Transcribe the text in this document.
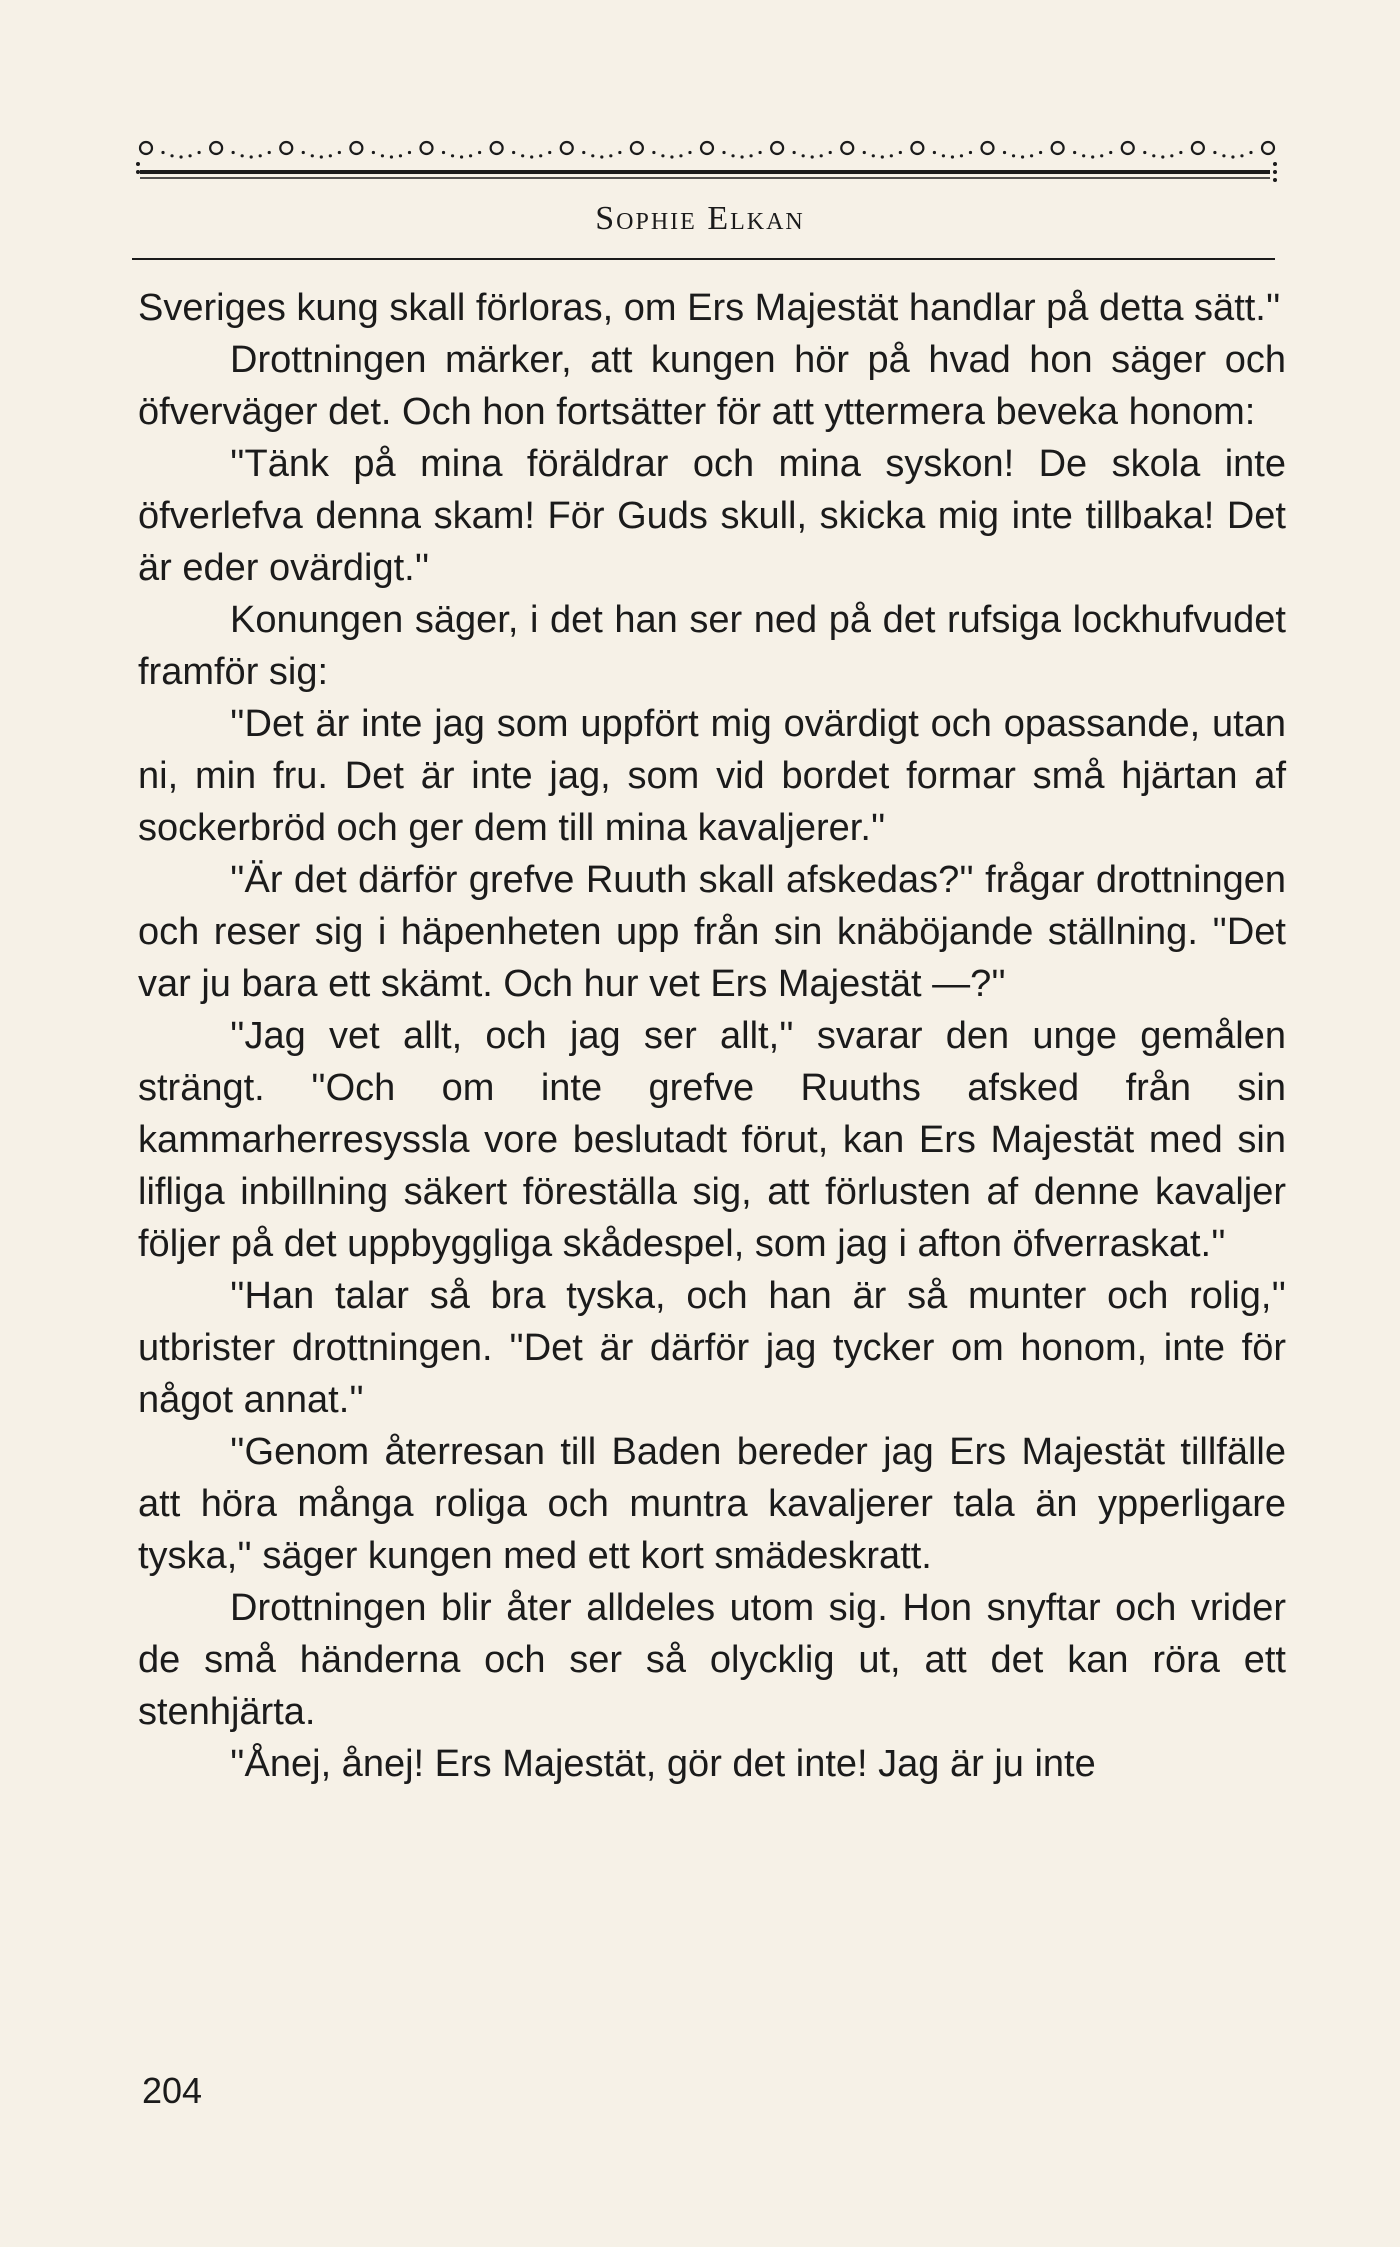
Sophie Elkan

Sveriges kung skall förloras, om Ers Majestät handlar på detta sätt.''

Drottningen märker, att kungen hör på hvad hon säger och öfverväger det. Och hon fortsätter för att yttermera beveka honom:

''Tänk på mina föräldrar och mina syskon! De skola inte öfverlefva denna skam! För Guds skull, skicka mig inte tillbaka! Det är eder ovärdigt.''

Konungen säger, i det han ser ned på det rufsiga lockhufvudet framför sig:

''Det är inte jag som uppfört mig ovärdigt och opassande, utan ni, min fru. Det är inte jag, som vid bordet formar små hjärtan af sockerbröd och ger dem till mina kavaljerer.''

''Är det därför grefve Ruuth skall afskedas?'' frågar drottningen och reser sig i häpenheten upp från sin knäböjande ställning. ''Det var ju bara ett skämt. Och hur vet Ers Majestät —?''

''Jag vet allt, och jag ser allt,'' svarar den unge gemålen strängt. ''Och om inte grefve Ruuths afsked från sin kammarherresyssla vore beslutadt förut, kan Ers Majestät med sin lifliga inbillning säkert föreställa sig, att förlusten af denne kavaljer följer på det uppbyggliga skådespel, som jag i afton öfverraskat.''

''Han talar så bra tyska, och han är så munter och rolig,'' utbrister drottningen. ''Det är därför jag tycker om honom, inte för något annat.''

''Genom återresan till Baden bereder jag Ers Majestät tillfälle att höra många roliga och muntra kavaljerer tala än ypperligare tyska,'' säger kungen med ett kort smädeskratt.

Drottningen blir åter alldeles utom sig. Hon snyftar och vrider de små händerna och ser så olycklig ut, att det kan röra ett stenhjärta.

''Ånej, ånej! Ers Majestät, gör det inte! Jag är ju inte

204
